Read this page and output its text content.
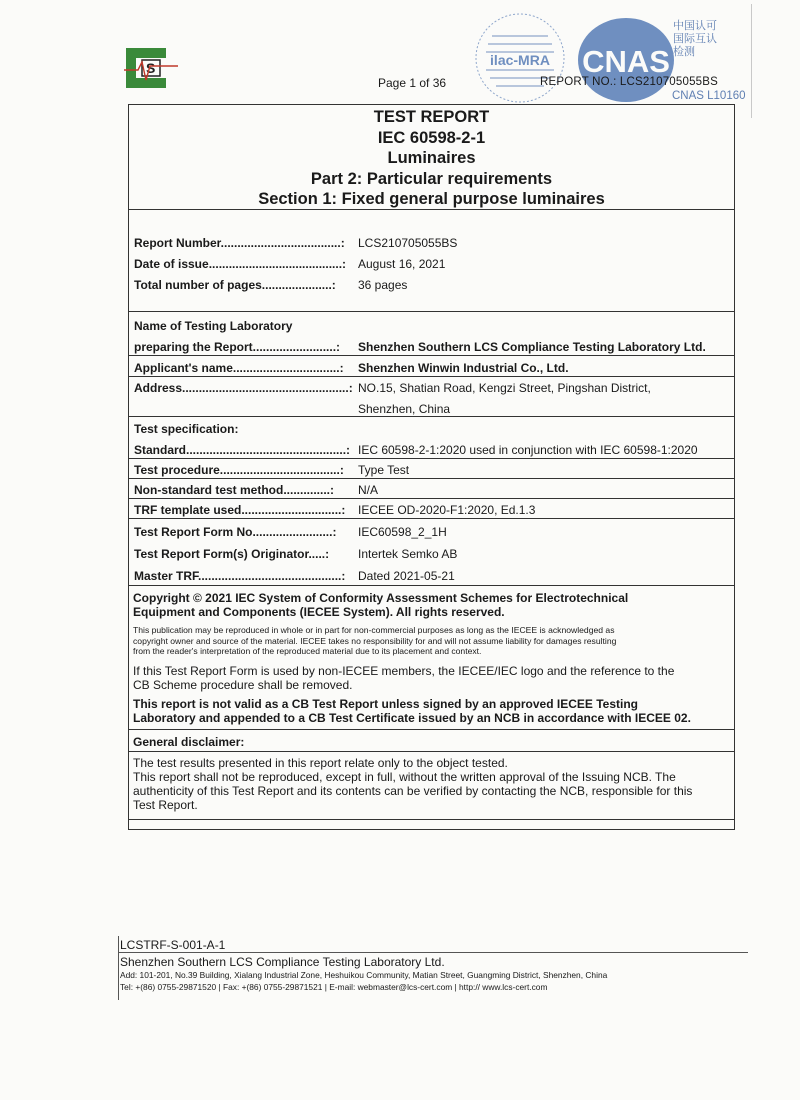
S
Page 1 of 36
ilac-MRA CNAS
中国认可
国际互认
检测
REPORT NO.: LCS210705055BS
CNAS L10160
TEST REPORT
IEC 60598-2-1
Luminaires
Part 2: Particular requirements
Section 1: Fixed general purpose luminaires
Report Number....................................: LCS210705055BS
Date of issue........................................: August 16, 2021
Total number of pages.....................: 36 pages
Name of Testing Laboratory
preparing the Report.........................: Shenzhen Southern LCS Compliance Testing Laboratory Ltd.
Applicant's name................................: Shenzhen Winwin Industrial Co., Ltd.
Address..................................................: NO.15, Shatian Road, Kengzi Street, Pingshan District,
Shenzhen, China
Test specification:
Standard................................................: IEC 60598-2-1:2020 used in conjunction with IEC 60598-1:2020
Test procedure....................................: Type Test
Non-standard test method..............: N/A
TRF template used..............................: IECEE OD-2020-F1:2020, Ed.1.3
Test Report Form No........................: IEC60598_2_1H
Test Report Form(s) Originator.....: Intertek Semko AB
Master TRF...........................................: Dated 2021-05-21
Copyright © 2021 IEC System of Conformity Assessment Schemes for Electrotechnical
Equipment and Components (IECEE System). All rights reserved.
This publication may be reproduced in whole or in part for non-commercial purposes as long as the IECEE is acknowledged as
copyright owner and source of the material. IECEE takes no responsibility for and will not assume liability for damages resulting
from the reader's interpretation of the reproduced material due to its placement and context.
If this Test Report Form is used by non-IECEE members, the IECEE/IEC logo and the reference to the
CB Scheme procedure shall be removed.
This report is not valid as a CB Test Report unless signed by an approved IECEE Testing
Laboratory and appended to a CB Test Certificate issued by an NCB in accordance with IECEE 02.
General disclaimer:
The test results presented in this report relate only to the object tested.
This report shall not be reproduced, except in full, without the written approval of the Issuing NCB. The
authenticity of this Test Report and its contents can be verified by contacting the NCB, responsible for this
Test Report.
LCSTRF-S-001-A-1
Shenzhen Southern LCS Compliance Testing Laboratory Ltd.
Add: 101-201, No.39 Building, Xialang Industrial Zone, Heshuikou Community, Matian Street, Guangming District, Shenzhen, China
Tel: +(86) 0755-29871520 | Fax: +(86) 0755-29871521 | E-mail: webmaster@lcs-cert.com | http:// www.lcs-cert.com
